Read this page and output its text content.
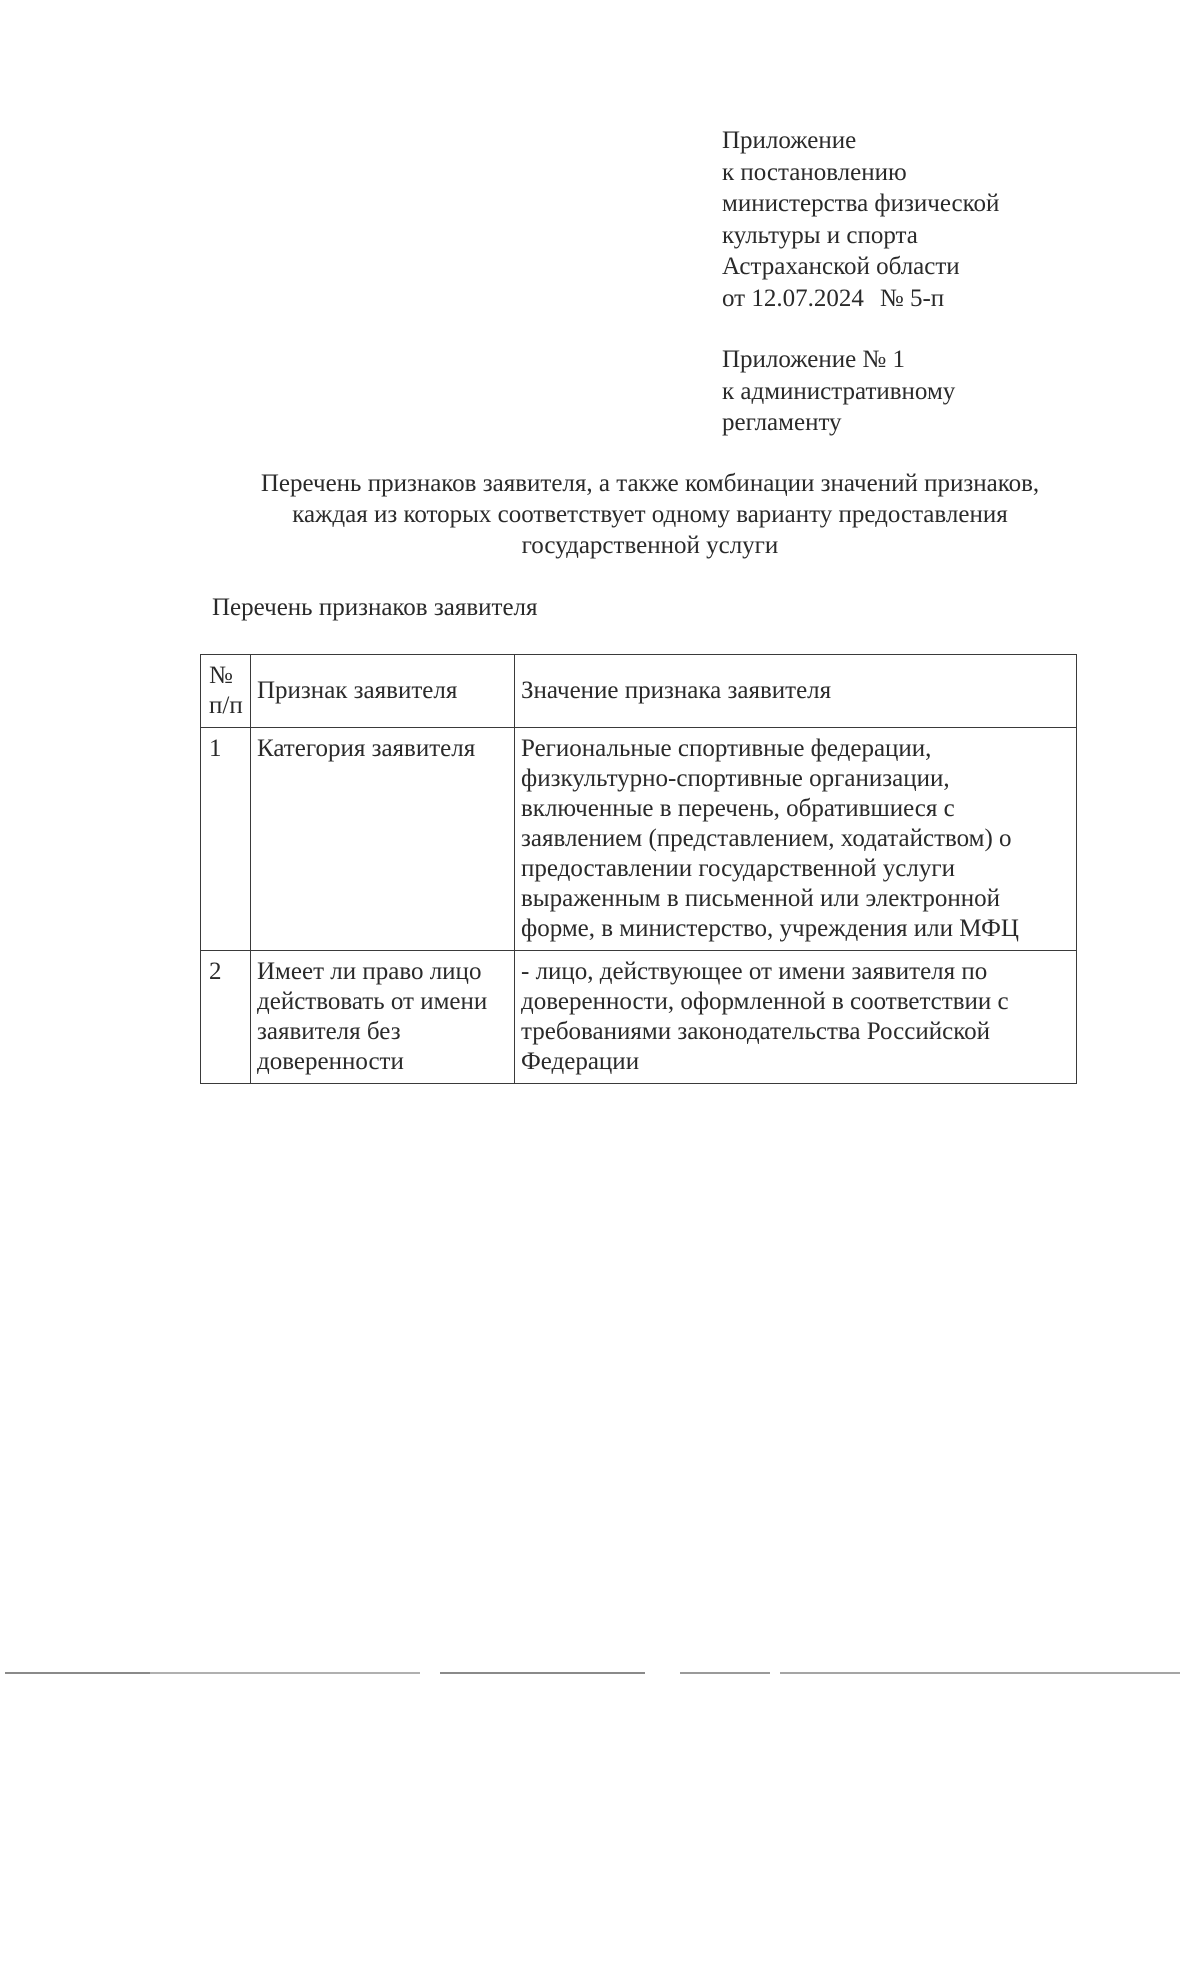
Приложение
к постановлению
министерства физической
культуры и спорта
Астраханской области
от 12.07.2024 № 5-п
Приложение № 1
к административному
регламенту
Перечень признаков заявителя, а также комбинации значений признаков,
каждая из которых соответствует одному варианту предоставления
государственной услуги
Перечень признаков заявителя
№ п/п	Признак заявителя	Значение признака заявителя
1	Категория заявителя	Региональные спортивные федерации, физкультурно-спортивные организации, включенные в перечень, обратившиеся с заявлением (представлением, ходатайством) о предоставлении государственной услуги выраженным в письменной или электронной форме, в министерство, учреждения или МФЦ
2	Имеет ли право лицо действовать от имени заявителя без доверенности	- лицо, действующее от имени заявителя по доверенности, оформленной в соответствии с требованиями законодательства Российской Федерации
